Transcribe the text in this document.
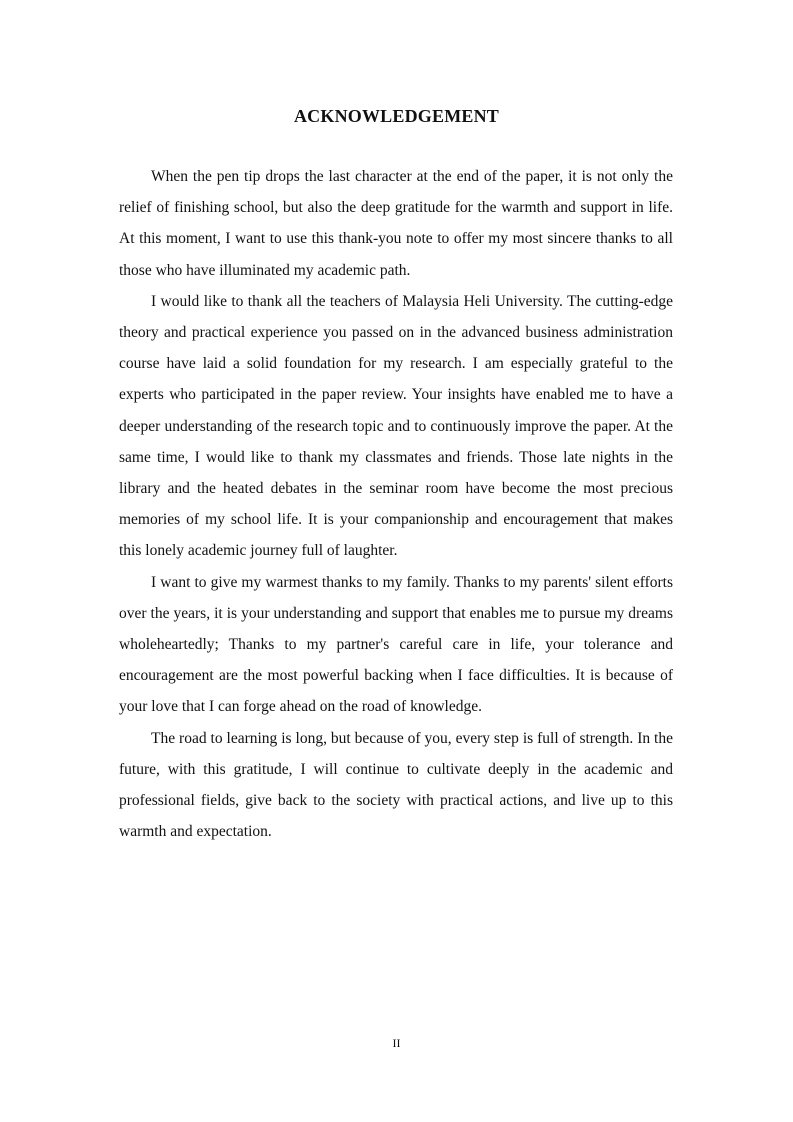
ACKNOWLEDGEMENT

When the pen tip drops the last character at the end of the paper, it is not only the relief of finishing school, but also the deep gratitude for the warmth and support in life. At this moment, I want to use this thank-you note to offer my most sincere thanks to all those who have illuminated my academic path.

I would like to thank all the teachers of Malaysia Heli University. The cutting-edge theory and practical experience you passed on in the advanced business administration course have laid a solid foundation for my research. I am especially grateful to the experts who participated in the paper review. Your insights have enabled me to have a deeper understanding of the research topic and to continuously improve the paper. At the same time, I would like to thank my classmates and friends. Those late nights in the library and the heated debates in the seminar room have become the most precious memories of my school life. It is your companionship and encouragement that makes this lonely academic journey full of laughter.

I want to give my warmest thanks to my family. Thanks to my parents' silent efforts over the years, it is your understanding and support that enables me to pursue my dreams wholeheartedly; Thanks to my partner's careful care in life, your tolerance and encouragement are the most powerful backing when I face difficulties. It is because of your love that I can forge ahead on the road of knowledge.

The road to learning is long, but because of you, every step is full of strength. In the future, with this gratitude, I will continue to cultivate deeply in the academic and professional fields, give back to the society with practical actions, and live up to this warmth and expectation.

II
